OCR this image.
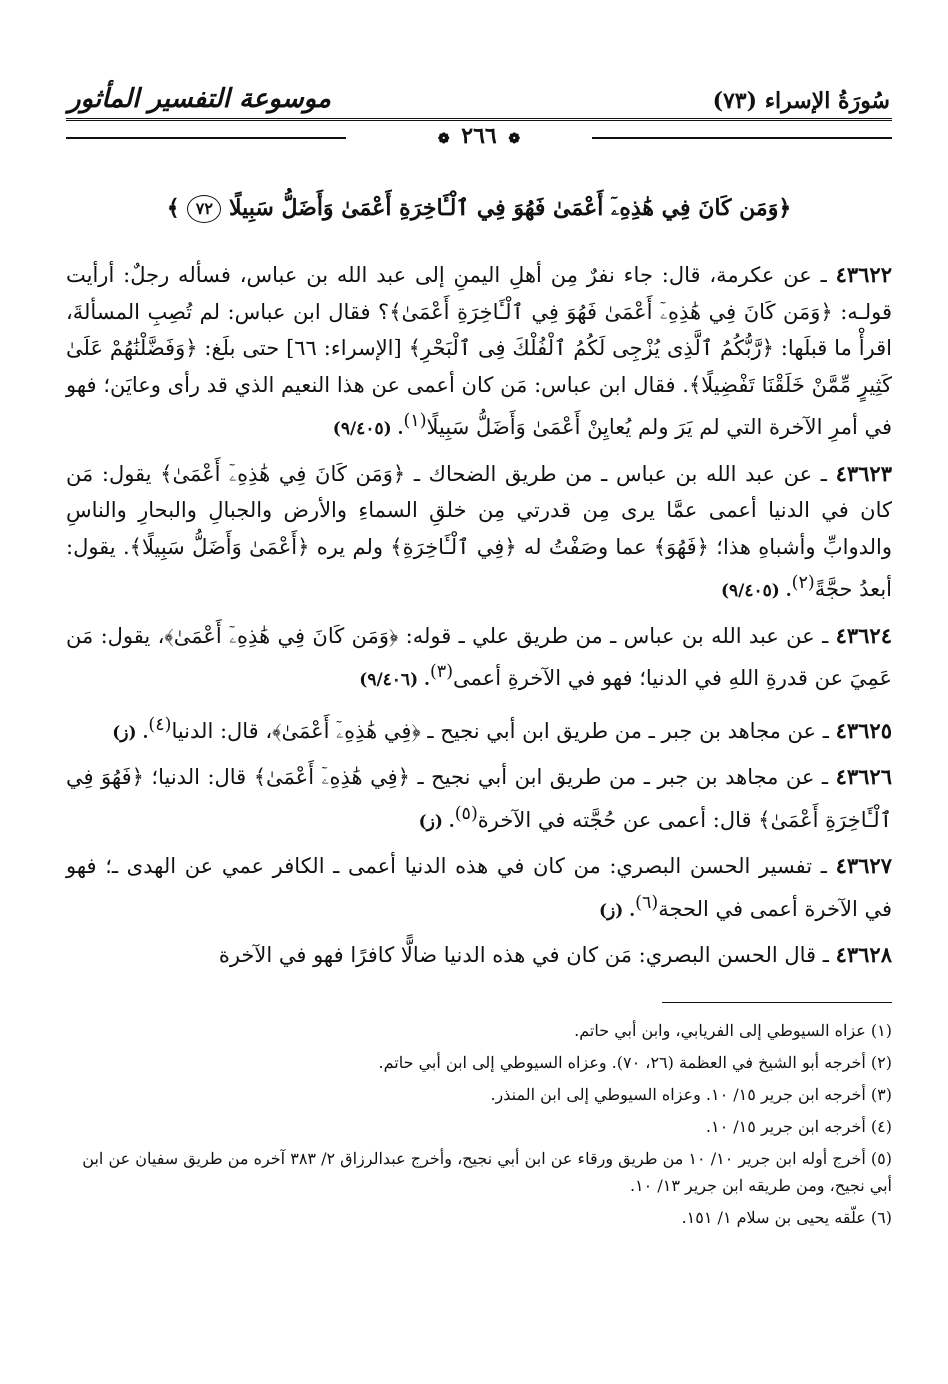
سُورَةُ الإسراء (٧٣)
موسوعة التفسير المأثور
❁ ٢٦٦ ❁
﴿وَمَن كَانَ فِي هَٰذِهِۦٓ أَعْمَىٰ فَهُوَ فِي ٱلْـَٔاخِرَةِ أَعْمَىٰ وَأَضَلُّ سَبِيلًا ٧٢ ﴾

٤٣٦٢٢ ـ عن عكرمة، قال: جاء نفرٌ مِن أهلِ اليمنِ إلى عبد الله بن عباس، فسأله رجلٌ: أرأيت قولـه: ﴿وَمَن كَانَ فِي هَٰذِهِۦٓ أَعْمَىٰ فَهُوَ فِي ٱلْـَٔاخِرَةِ أَعْمَىٰ﴾؟ فقال ابن عباس: لم تُصِبِ المسألةَ، اقرأْ ما قبلَها: ﴿رَّبُّكُمُ ٱلَّذِى يُزْجِى لَكُمُ ٱلْفُلْكَ فِى ٱلْبَحْرِ﴾ [الإسراء: ٦٦] حتى بلَغ: ﴿وَفَضَّلْنَٰهُمْ عَلَىٰ كَثِيرٍ مِّمَّنْ خَلَقْنَا تَفْضِيلًا﴾. فقال ابن عباس: مَن كان أعمى عن هذا النعيم الذي قد رأى وعايَن؛ فهو في أمرِ الآخرة التي لم يَرَ ولم يُعايِنْ أَعْمَىٰ وَأَضَلُّ سَبِيلًا$^{(١)}$. (٩/٤٠٥)

٤٣٦٢٣ ـ عن عبد الله بن عباس ـ من طريق الضحاك ـ ﴿وَمَن كَانَ فِي هَٰذِهِۦٓ أَعْمَىٰ﴾ يقول: مَن كان في الدنيا أعمى عمَّا يرى مِن قدرتي مِن خلقِ السماءِ والأرض والجبالِ والبحارِ والناسِ والدوابِّ وأشباهِ هذا؛ ﴿فَهُوَ﴾ عما وصَفْتُ له ﴿فِي ٱلْـَٔاخِرَةِ﴾ ولم يره ﴿أَعْمَىٰ وَأَضَلُّ سَبِيلًا﴾. يقول: أبعدُ حجَّةً$^{(٢)}$. (٩/٤٠٥)

٤٣٦٢٤ ـ عن عبد الله بن عباس ـ من طريق علي ـ قوله: ﴿وَمَن كَانَ فِي هَٰذِهِۦٓ أَعْمَىٰ﴾، يقول: مَن عَمِيَ عن قدرةِ اللهِ في الدنيا؛ فهو في الآخرةِ أعمى$^{(٣)}$. (٩/٤٠٦)

٤٣٦٢٥ ـ عن مجاهد بن جبر ـ من طريق ابن أبي نجيح ـ ﴿فِي هَٰذِهِۦٓ أَعْمَىٰ﴾، قال: الدنيا$^{(٤)}$. (ز)

٤٣٦٢٦ ـ عن مجاهد بن جبر ـ من طريق ابن أبي نجيح ـ ﴿فِي هَٰذِهِۦٓ أَعْمَىٰ﴾ قال: الدنيا؛ ﴿فَهُوَ فِي ٱلْـَٔاخِرَةِ أَعْمَىٰ﴾ قال: أعمى عن حُجَّته في الآخرة$^{(٥)}$. (ز)

٤٣٦٢٧ ـ تفسير الحسن البصري: من كان في هذه الدنيا أعمى ـ الكافر عمي عن الهدى ـ؛ فهو في الآخرة أعمى في الحجة$^{(٦)}$. (ز)

٤٣٦٢٨ ـ قال الحسن البصري: مَن كان في هذه الدنيا ضالًّا كافرًا فهو في الآخرة

(١) عزاه السيوطي إلى الفريابي، وابن أبي حاتم.

(٢) أخرجه أبو الشيخ في العظمة (٢٦، ٧٠). وعزاه السيوطي إلى ابن أبي حاتم.

(٣) أخرجه ابن جرير ١٥/ ١٠. وعزاه السيوطي إلى ابن المنذر.

(٤) أخرجه ابن جرير ١٥/ ١٠.

(٥) أخرج أوله ابن جرير ١٠/ ١٠ من طريق ورقاء عن ابن أبي نجيح، وأخرج عبدالرزاق ٢/ ٣٨٣ آخره من طريق سفيان عن ابن أبي نجيح، ومن طريقه ابن جرير ١٣/ ١٠.

(٦) علّقه يحيى بن سلام ١/ ١٥١.
